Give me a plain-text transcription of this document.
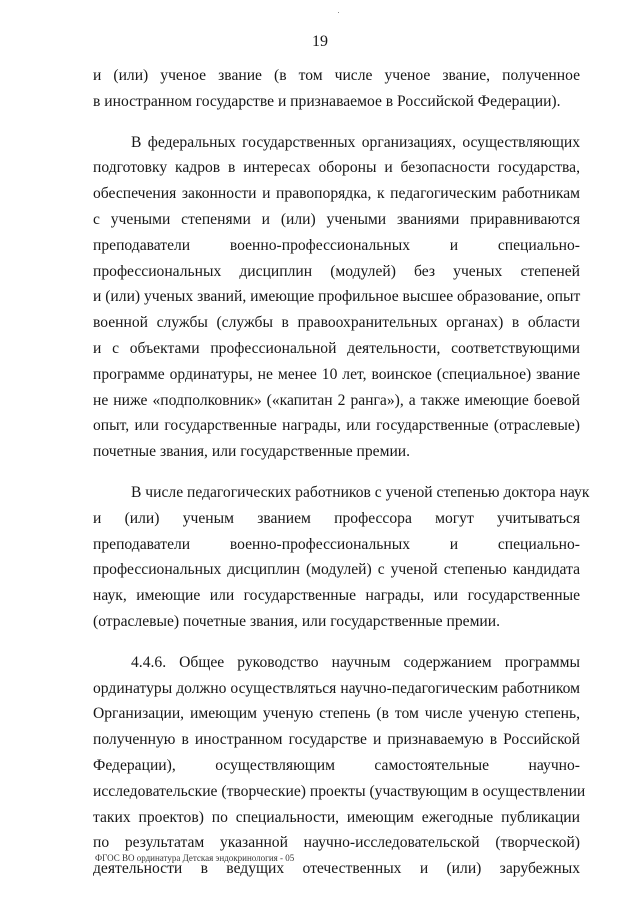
19
и (или) ученое звание (в том числе ученое звание, полученное
в иностранном государстве и признаваемое в Российской Федерации).
В федеральных государственных организациях, осуществляющих
подготовку кадров в интересах обороны и безопасности государства,
обеспечения законности и правопорядка, к педагогическим работникам
с учеными степенями и (или) учеными званиями приравниваются
преподаватели военно-профессиональных и специально-
профессиональных дисциплин (модулей) без ученых степеней
и (или) ученых званий, имеющие профильное высшее образование, опыт
военной службы (службы в правоохранительных органах) в области
и с объектами профессиональной деятельности, соответствующими
программе ординатуры, не менее 10 лет, воинское (специальное) звание
не ниже «подполковник» («капитан 2 ранга»), а также имеющие боевой
опыт, или государственные награды, или государственные (отраслевые)
почетные звания, или государственные премии.
В числе педагогических работников с ученой степенью доктора наук
и (или) ученым званием профессора могут учитываться
преподаватели военно-профессиональных и специально-
профессиональных дисциплин (модулей) с ученой степенью кандидата
наук, имеющие или государственные награды, или государственные
(отраслевые) почетные звания, или государственные премии.
4.4.6. Общее руководство научным содержанием программы
ординатуры должно осуществляться научно-педагогическим работником
Организации, имеющим ученую степень (в том числе ученую степень,
полученную в иностранном государстве и признаваемую в Российской
Федерации), осуществляющим самостоятельные научно-
исследовательские (творческие) проекты (участвующим в осуществлении
таких проектов) по специальности, имеющим ежегодные публикации
по результатам указанной научно-исследовательской (творческой)
деятельности в ведущих отечественных и (или) зарубежных
ФГОС ВО ординатура Детская эндокринология - 05
